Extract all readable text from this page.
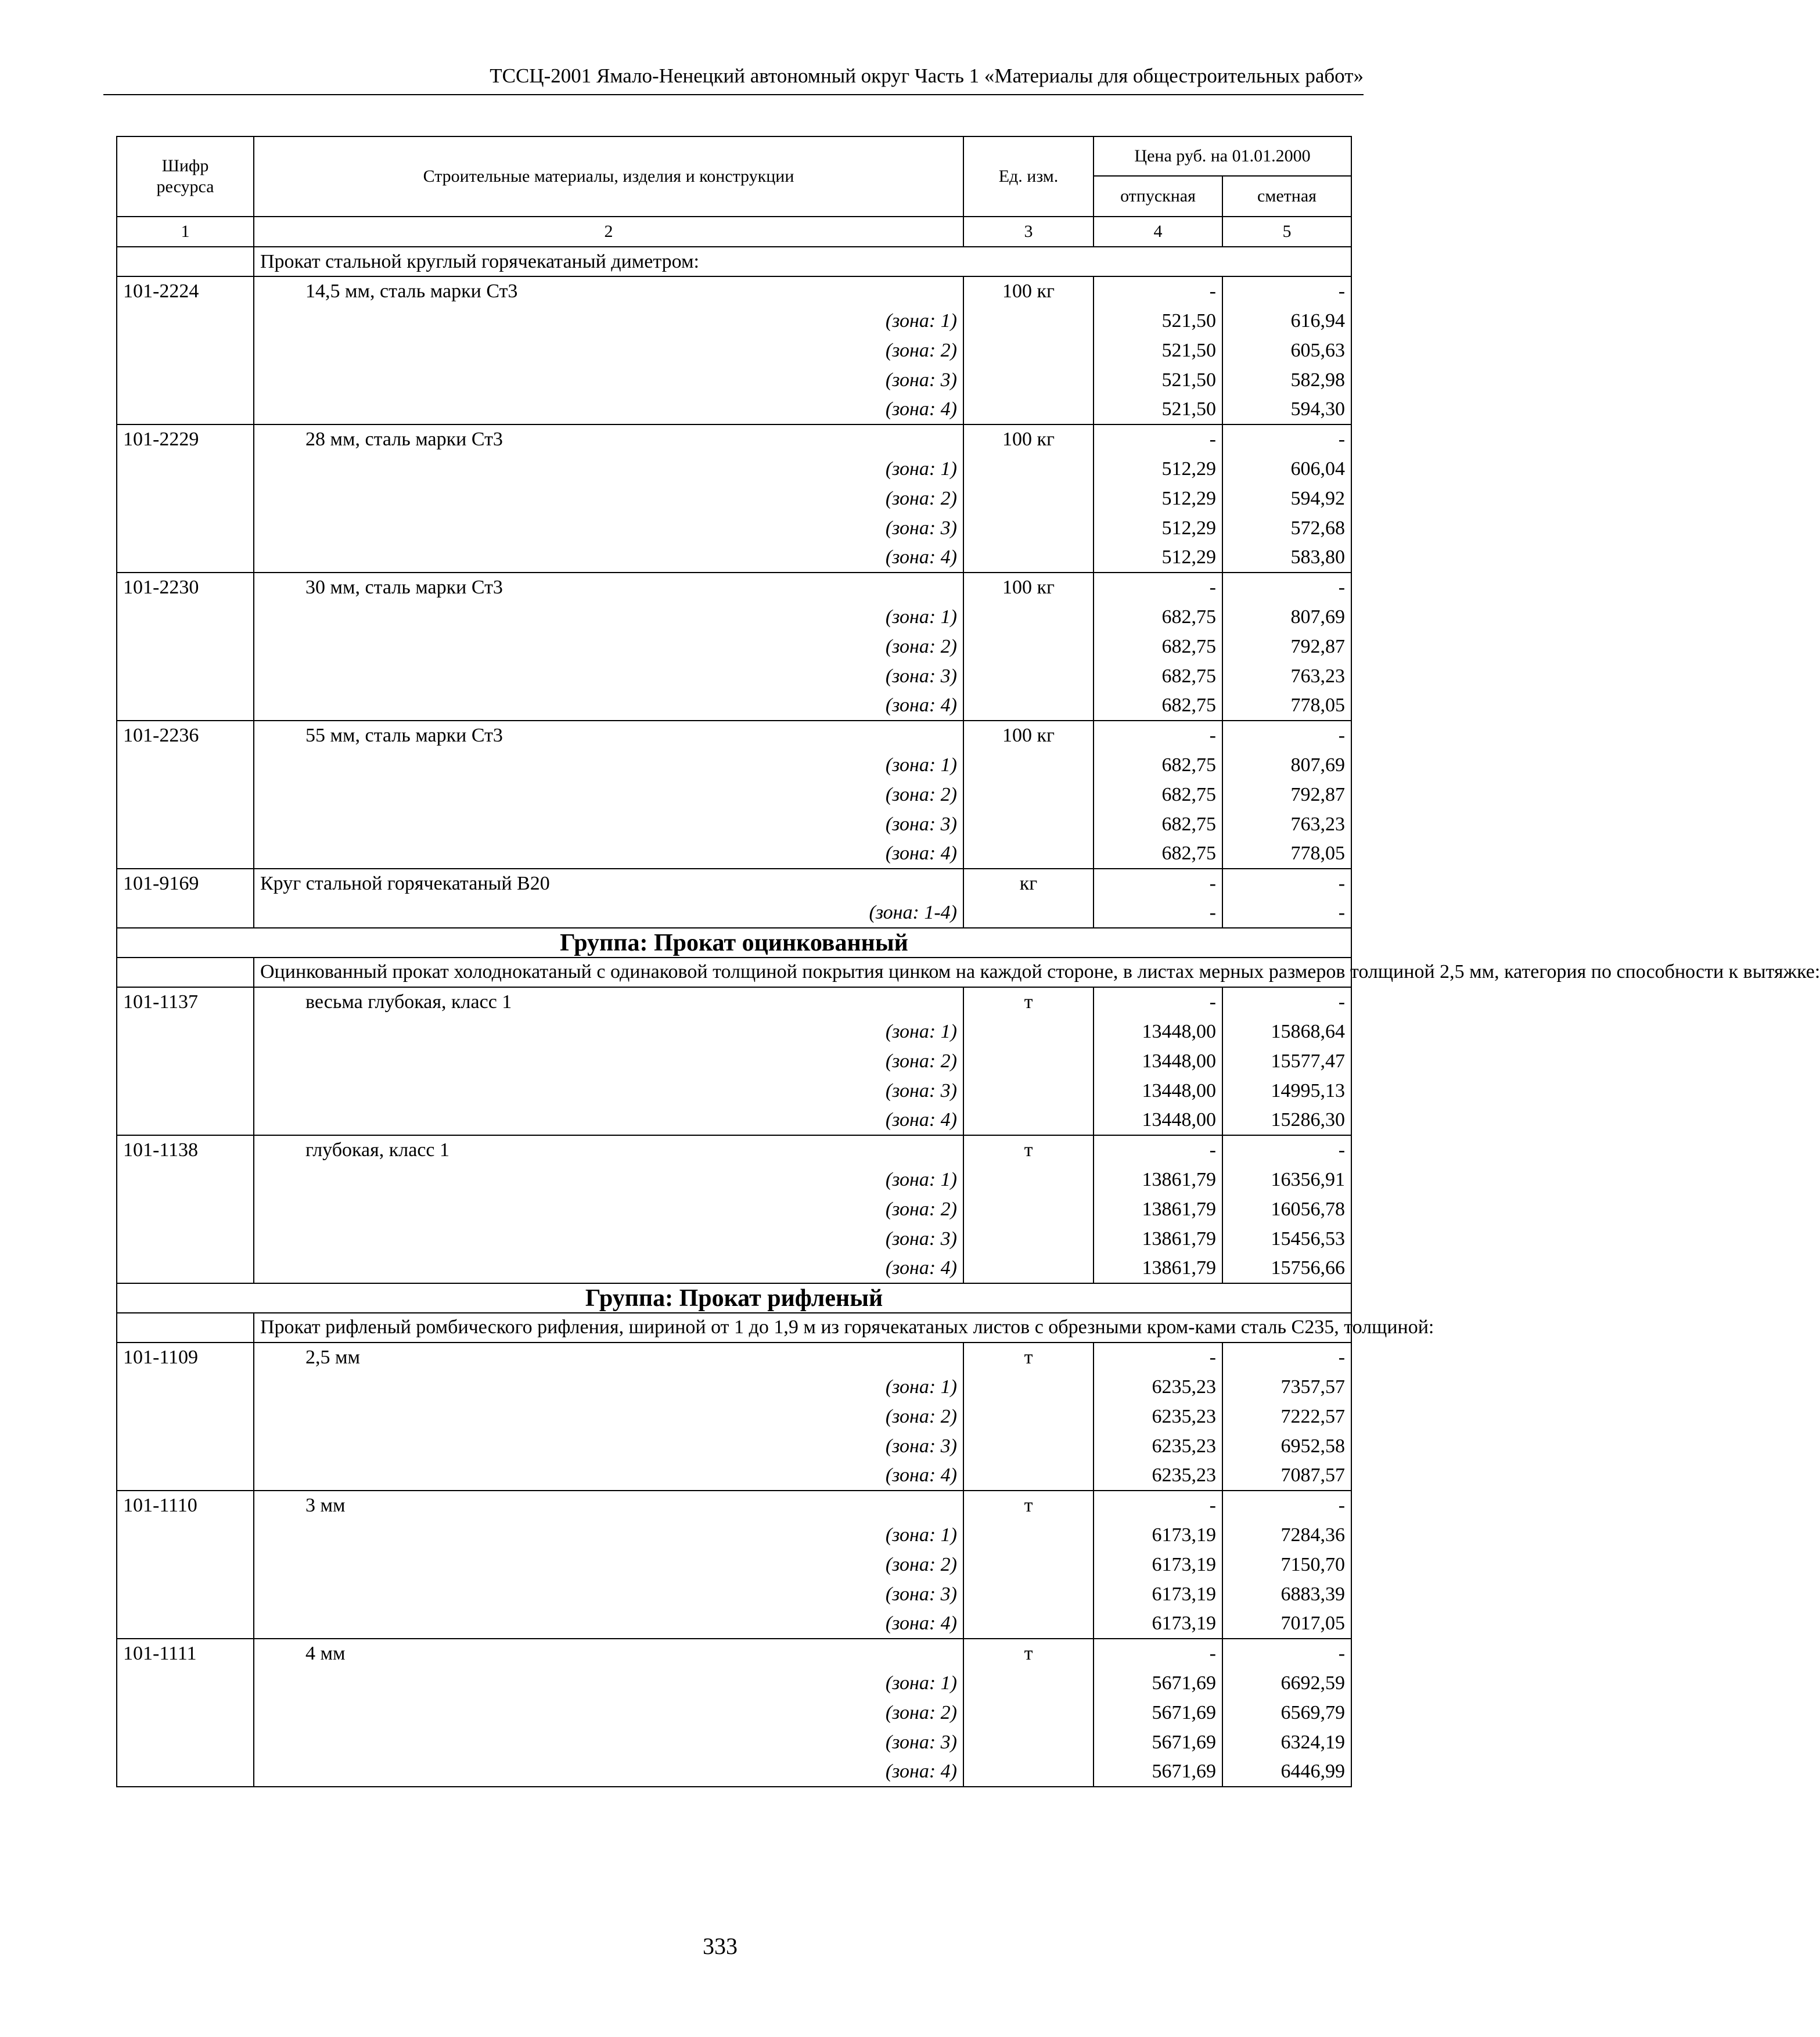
ТССЦ-2001 Ямало-Ненецкий автономный округ Часть 1 «Материалы для общестроительных работ»
Шифр ресурса	Строительные материалы, изделия и конструкции	Ед. изм.	Цена руб. на 01.01.2000	
			отпускная	сметная
1	2	3	4	5
	Прокат стальной круглый горячекатаный диметром:			
101-2224	14,5 мм, сталь марки Ст3	100 кг	-	-
	(зона: 1)		521,50	616,94
	(зона: 2)		521,50	605,63
	(зона: 3)		521,50	582,98
	(зона: 4)		521,50	594,30
101-2229	28 мм, сталь марки Ст3	100 кг	-	-
	(зона: 1)		512,29	606,04
	(зона: 2)		512,29	594,92
	(зона: 3)		512,29	572,68
	(зона: 4)		512,29	583,80
101-2230	30 мм, сталь марки Ст3	100 кг	-	-
	(зона: 1)		682,75	807,69
	(зона: 2)		682,75	792,87
	(зона: 3)		682,75	763,23
	(зона: 4)		682,75	778,05
101-2236	55 мм, сталь марки Ст3	100 кг	-	-
	(зона: 1)		682,75	807,69
	(зона: 2)		682,75	792,87
	(зона: 3)		682,75	763,23
	(зона: 4)		682,75	778,05
101-9169	Круг стальной горячекатаный В20	кг	-	-
	(зона: 1-4)		-	-
Группа: Прокат оцинкованный				
	Оцинкованный прокат холоднокатаный с одинаковой толщиной покрытия цинком на каждой стороне, в листах мерных размеров толщиной 2,5 мм, категория по способности к вытяжке:			
101-1137	весьма глубокая, класс 1	т	-	-
	(зона: 1)		13448,00	15868,64
	(зона: 2)		13448,00	15577,47
	(зона: 3)		13448,00	14995,13
	(зона: 4)		13448,00	15286,30
101-1138	глубокая, класс 1	т	-	-
	(зона: 1)		13861,79	16356,91
	(зона: 2)		13861,79	16056,78
	(зона: 3)		13861,79	15456,53
	(зона: 4)		13861,79	15756,66
Группа: Прокат рифленый				
	Прокат рифленый ромбического рифления, шириной от 1 до 1,9 м из горячекатаных листов с обрезными кром-ками сталь С235, толщиной:			
101-1109	2,5 мм	т	-	-
	(зона: 1)		6235,23	7357,57
	(зона: 2)		6235,23	7222,57
	(зона: 3)		6235,23	6952,58
	(зона: 4)		6235,23	7087,57
101-1110	3 мм	т	-	-
	(зона: 1)		6173,19	7284,36
	(зона: 2)		6173,19	7150,70
	(зона: 3)		6173,19	6883,39
	(зона: 4)		6173,19	7017,05
101-1111	4 мм	т	-	-
	(зона: 1)		5671,69	6692,59
	(зона: 2)		5671,69	6569,79
	(зона: 3)		5671,69	6324,19
	(зона: 4)		5671,69	6446,99
333
